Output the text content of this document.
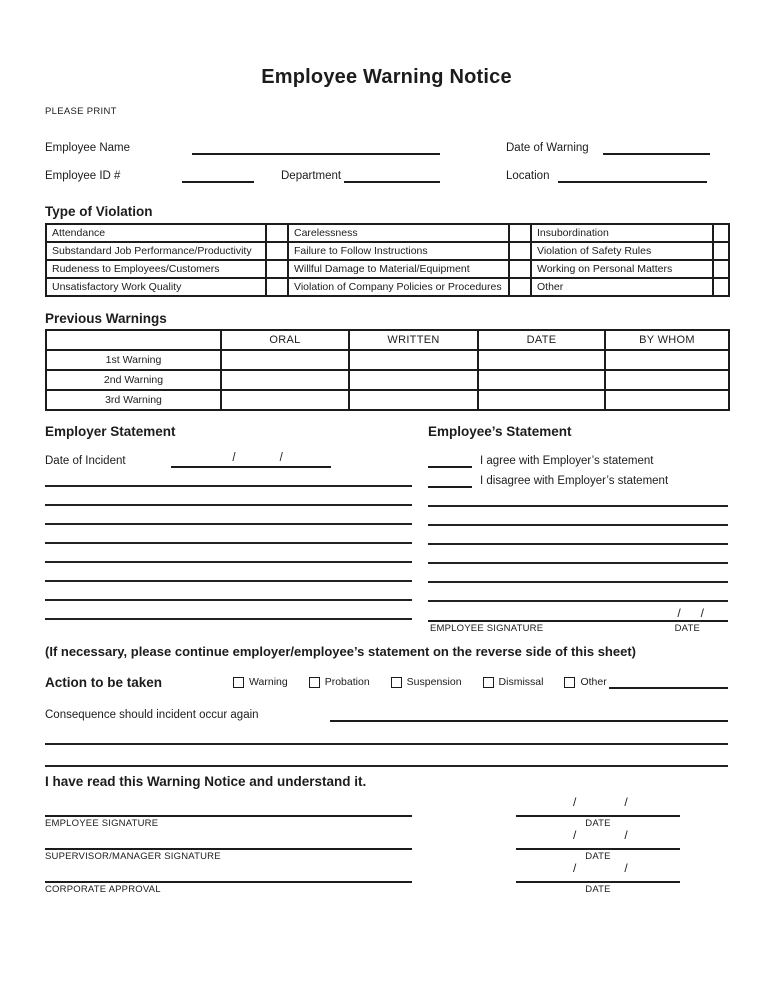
Employee Warning Notice
PLEASE PRINT
Employee Name	Date of Warning
Employee ID #	Department	Location
Type of Violation
Attendance		Carelessness		Insubordination	
Substandard Job Performance/Productivity		Failure to Follow Instructions		Violation of Safety Rules	
Rudeness to Employees/Customers		Willful Damage to Material/Equipment		Working on Personal Matters	
Unsatisfactory Work Quality		Violation of Company Policies or Procedures		Other	
Previous Warnings
	ORAL	WRITTEN	DATE	BY WHOM
1st Warning				
2nd Warning				
3rd Warning				
Employer Statement
Date of Incident	/	/
Employee’s Statement
I agree with Employer’s statement
I disagree with Employer’s statement
/ /
EMPLOYEE SIGNATURE	DATE
(If necessary, please continue employer/employee’s statement on the reverse side of this sheet)
Action to be taken	Warning	Probation	Suspension	Dismissal	Other
Consequence should incident occur again
I have read this Warning Notice and understand it.
/	/
EMPLOYEE SIGNATURE	DATE
/	/
SUPERVISOR/MANAGER SIGNATURE	DATE
/	/
CORPORATE APPROVAL	DATE
